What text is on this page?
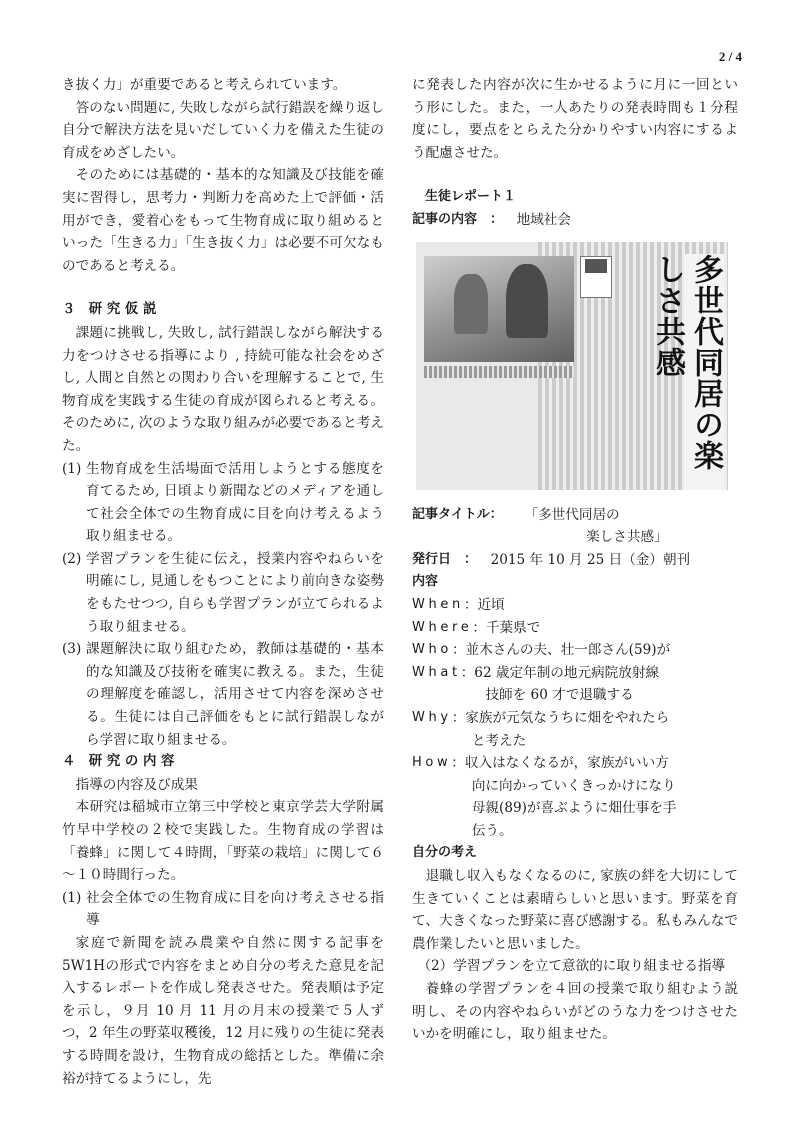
2 / 4

き抜く力」が重要であると考えられています。

答のない問題に, 失敗しながら試行錯誤を繰り返し自分で解決方法を見いだしていく力を備えた生徒の育成をめざしたい。

そのためには基礎的・基本的な知識及び技能を確実に習得し，思考力・判断力を高めた上で評価・活用ができ，愛着心をもって生物育成に取り組めるといった「生きる力」「生き抜く力」は必要不可欠なものであると考える。

３　研 究 仮 説

課題に挑戦し, 失敗し, 試行錯誤しながら解決する力をつけさせる指導により , 持続可能な社会をめざし, 人間と自然との関わり合いを理解することで, 生物育成を実践する生徒の育成が図られると考える。そのために, 次のような取り組みが必要であると考えた。

(1) 生物育成を生活場面で活用しようとする態度を育てるため, 日頃より新聞などのメディアを通して社会全体での生物育成に目を向け考えるよう取り組ませる。
(2) 学習プランを生徒に伝え，授業内容やねらいを明確にし, 見通しをもつことにより前向きな姿勢をもたせつつ, 自らも学習プランが立てられるよう取り組ませる。
(3) 課題解決に取り組むため，教師は基礎的・基本的な知識及び技術を確実に教える。また，生徒の理解度を確認し，活用させて内容を深めさせる。生徒には自己評価をもとに試行錯誤しながら学習に取り組ませる。
４　研 究 の 内 容

指導の内容及び成果

本研究は稲城市立第三中学校と東京学芸大学附属竹早中学校の２校で実践した。生物育成の学習は「養蜂」に関して４時間，「野菜の栽培」に関して６～１０時間行った。

(1) 社会全体での生物育成に目を向け考えさせる指導

家庭で新聞を読み農業や自然に関する記事を5W1Hの形式で内容をまとめ自分の考えた意見を記入するレポートを作成し発表させた。発表順は予定を示し，９月 10 月 11 月の月末の授業で５人ずつ，2 年生の野菜収穫後，12 月に残りの生徒に発表する時間を設け，生物育成の総括とした。準備に余裕が持てるようにし，先

に発表した内容が次に生かせるように月に一回という形にした。また，一人あたりの発表時間も１分程度にし，要点をとらえた分かりやすい内容にするよう配慮させた。

生徒レポート１
記事の内容　： 地域社会
多世代同居の楽しさ共感
記事タイトル：	「多世代同居の

楽しさ共感」

発行日　： 2015 年 10 月 25 日（金）朝刊
内容
When ：近頃
Where ：千葉県で
Who ：並木さんの夫、壮一郎さん(59)が
What ：62 歳定年制の地元病院放射線

技師を 60 才で退職する

Why ：家族が元気なうちに畑をやれたら

と考えた

How ：収入はなくなるが，家族がいい方

向に向かっていくきっかけになり

母親(89)が喜ぶように畑仕事を手

伝う。

自分の考え

退職し収入もなくなるのに, 家族の絆を大切にして生きていくことは素晴らしいと思います。野菜を育て、大きくなった野菜に喜び感謝する。私もみんなで農作業したいと思いました。

（2）学習プランを立て意欲的に取り組ませる指導

養蜂の学習プランを４回の授業で取り組むよう説明し、その内容やねらいがどのうな力をつけさせたいかを明確にし，取り組ませた。
